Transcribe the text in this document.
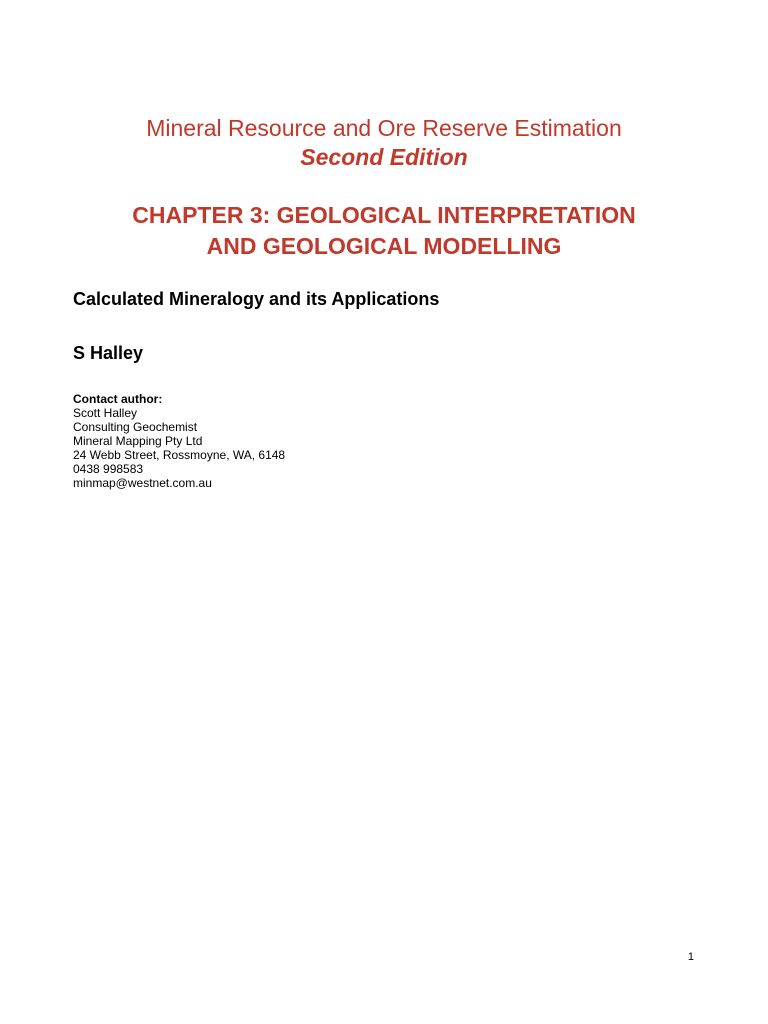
Mineral Resource and Ore Reserve Estimation
Second Edition
CHAPTER 3: GEOLOGICAL INTERPRETATION
AND GEOLOGICAL MODELLING
Calculated Mineralogy and its Applications
S Halley
Contact author:
Scott Halley
Consulting Geochemist
Mineral Mapping Pty Ltd
24 Webb Street, Rossmoyne, WA, 6148
0438 998583
minmap@westnet.com.au
1
